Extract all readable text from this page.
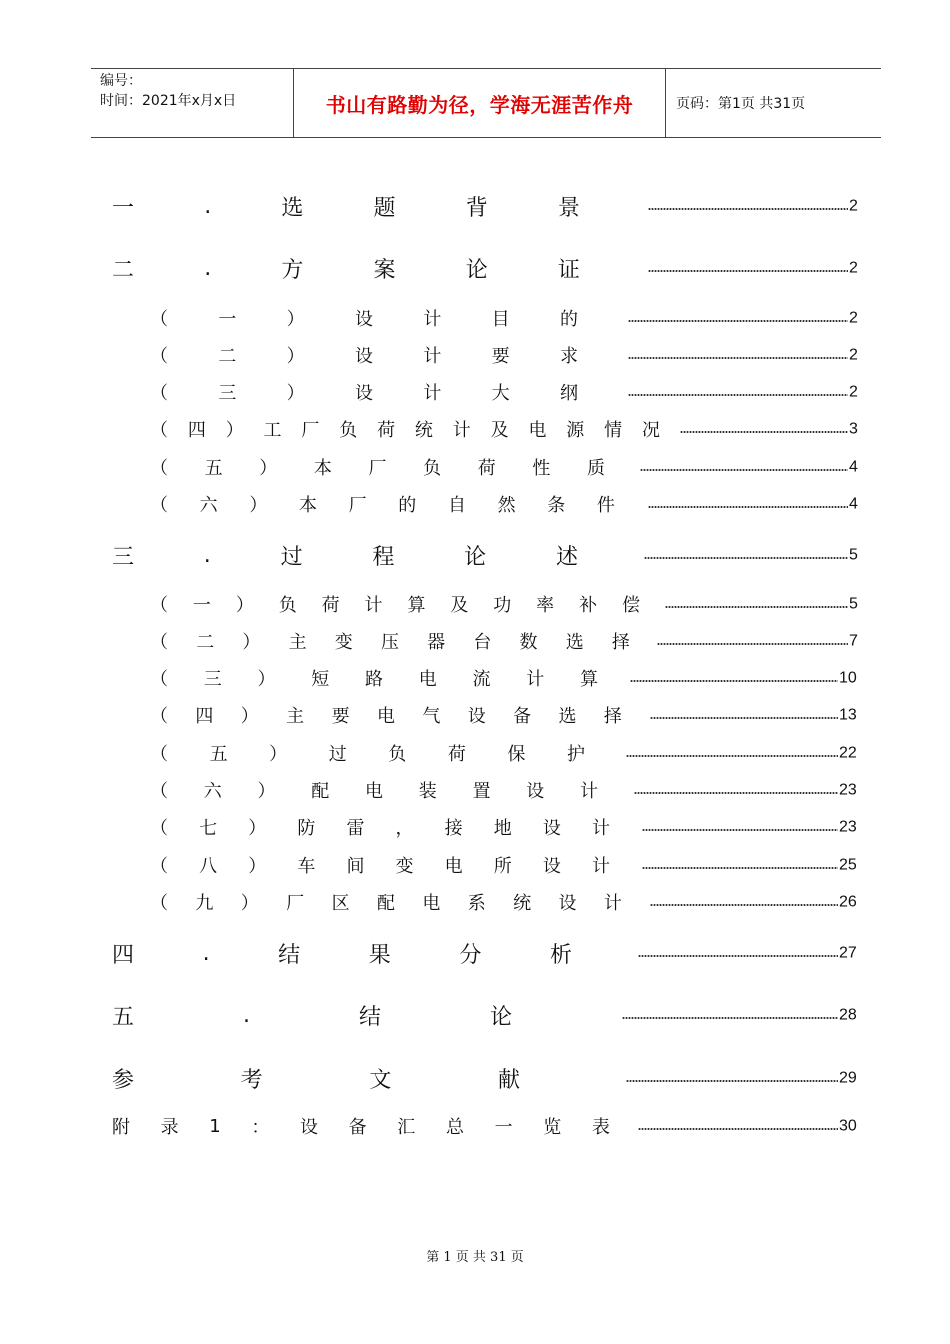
编号：
时间：2021年x月x日	书山有路勤为径，学海无涯苦作舟	页码：第1页 共31页
一	.	选	题	背	景	2
二	.	方	案	论	证	2
（	一	）	设	计	目	的	2
（	二	）	设	计	要	求	2
（	三	）	设	计	大	纲	2
（ 四 ） 工 厂 负 荷 统 计 及 电 源 情 况	3
（ 五 ） 本 厂 负 荷 性 质	4
（ 六 ） 本 厂 的 自 然 条 件	4
三	.	过	程	论	述	5
（ 一 ） 负 荷 计 算 及 功 率 补 偿	5
（ 二 ） 主 变 压 器 台 数 选 择	7
（ 三 ） 短 路 电 流 计 算	10
（ 四 ） 主 要 电 气 设 备 选 择	13
（ 五 ） 过 负 荷 保 护	22
（ 六 ） 配 电 装 置 设 计	23
（ 七 ） 防 雷 ， 接 地 设 计	23
（ 八 ） 车 间 变 电 所 设 计	25
（ 九 ） 厂 区 配 电 系 统 设 计	26
四	.	结	果	分	析	27
五	.	结	论	28
参	考	文	献	29
附 录 1 ： 设 备 汇 总 一 览 表	30
第 1 页 共 31 页
